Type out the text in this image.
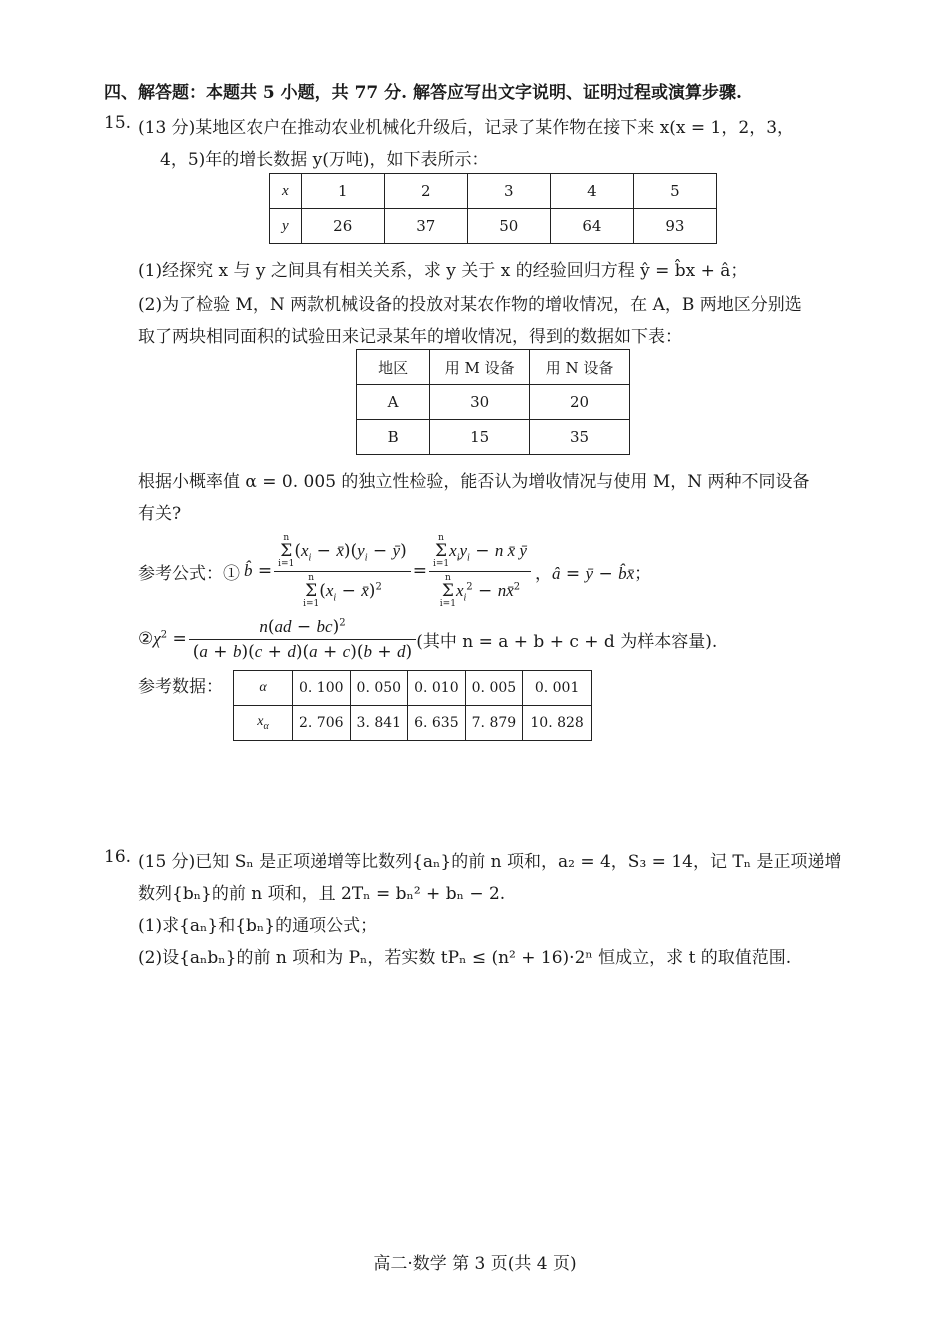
四、解答题：本题共 5 小题，共 77 分. 解答应写出文字说明、证明过程或演算步骤.
15. (13 分)某地区农户在推动农业机械化升级后，记录了某作物在接下来 x(x = 1，2，3，
4，5)年的增长数据 y(万吨)，如下表所示：
x	1	2	3	4	5
y	26	37	50	64	93
(1)经探究 x 与 y 之间具有相关关系，求 y 关于 x 的经验回归方程 ŷ = b̂x + â；
(2)为了检验 M，N 两款机械设备的投放对某农作物的增收情况，在 A，B 两地区分别选
取了两块相同面积的试验田来记录某年的增收情况，得到的数据如下表：
地区	用 M 设备	用 N 设备
A	30	20
B	15	35
根据小概率值 α = 0. 005 的独立性检验，能否认为增收情况与使用 M，N 两种不同设备
有关?
参考公式：① b̂ =
n
Σ
$i=1(x_i$ − $x̄)(y_i$ − ȳ)
n
Σ
$i=1(x_i$ − x̄)$^2$
=
n
Σ
$i=1x_iy_i - n$ x̄ ȳ
n
Σ
$i=1x_i^2$ − nx̄$^2$
，â = ȳ − b̂x̄；
$②\chi^2 = \frac{n(ad - bc)^2}{(a + b)(c + d)(a + c)(b + d)}$ (其中 n = a + b + c + d 为样本容量).
参考数据：	α	0. 100	0. 050	0. 010	0. 005	0. 001
$x_\alpha$	2. 706	3. 841	6. 635	7. 879	10. 828
16. (15 分)已知 Sₙ 是正项递增等比数列{aₙ}的前 n 项和，a₂ = 4，S₃ = 14，记 Tₙ 是正项递增
数列{bₙ}的前 n 项和，且 2Tₙ = bₙ² + bₙ − 2.
(1)求{aₙ}和{bₙ}的通项公式；
(2)设{aₙbₙ}的前 n 项和为 Pₙ，若实数 tPₙ ≤ (n² + 16)·2ⁿ 恒成立，求 t 的取值范围.
高二·数学 第 3 页(共 4 页)
